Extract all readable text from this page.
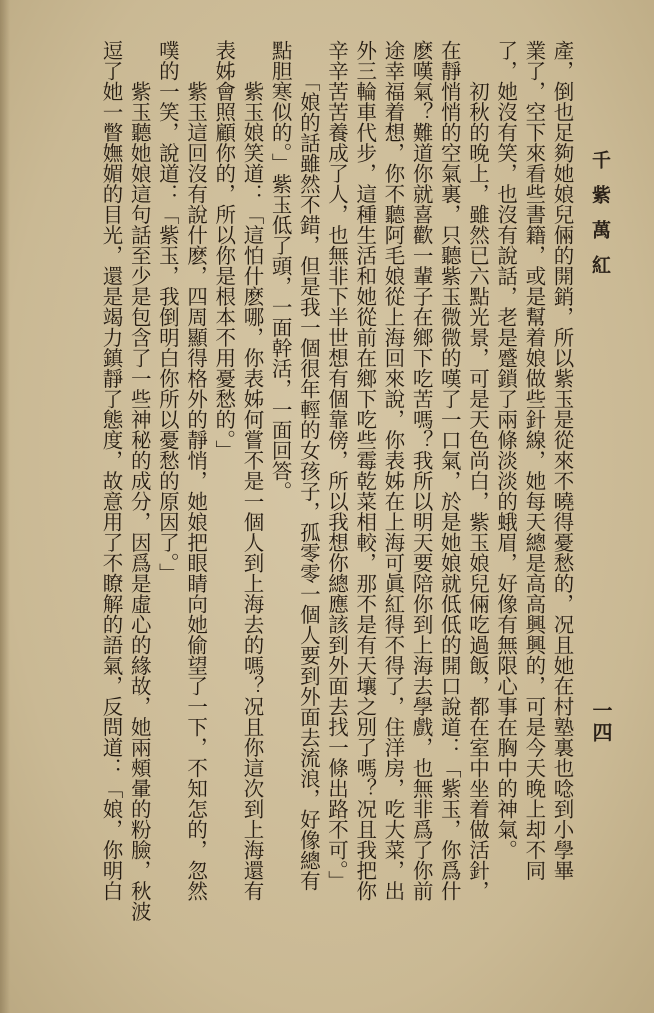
千紫萬紅
一四
產，倒也足夠她娘兒倆的開銷，所以紫玉是從來不曉得憂愁的，况且她在村塾裏也唸到小學畢
業了，空下來看些書籍，或是幫着娘做些針線，她每天總是高高興興的，可是今天晚上却不同
了，她沒有笑，也沒有說話，老是蹙鎖了兩條淡淡的蛾眉，好像有無限心事在胸中的神氣。
　　初秋的晚上，雖然已六點光景，可是天色尚白，紫玉娘兒倆吃過飯，都在室中坐着做活針，
在靜悄悄的空氣裏，只聽紫玉微微的嘆了一口氣，於是她娘就低低的開口說道：「紫玉，你爲什
麽嘆氣？難道你就喜歡一輩子在鄉下吃苦嗎？我所以明天要陪你到上海去學戲，也無非爲了你前
途幸福着想，你不聽阿毛娘從上海回來說，你表姊在上海可眞紅得不得了，住洋房，吃大菜，出
外三輪車代步，這種生活和她從前在鄉下吃些霉乾菜相較，那不是有天壤之別了嗎？况且我把你
辛辛苦苦養成了人，也無非下半世想有個靠傍，所以我想你總應該到外面去找一條出路不可。」
　　「娘的話雖然不錯，但是我一個很年輕的女孩子，孤零零一個人要到外面去流浪，好像總有
點胆寒似的。」紫玉低了頭，一面幹活，一面回答。
　　紫玉娘笑道：「這怕什麽哪，你表姊何嘗不是一個人到上海去的嗎？况且你這次到上海還有
表姊會照顧你的，所以你是根本不用憂愁的。」
　　紫玉這回沒有說什麽，四周顯得格外的靜悄，她娘把眼睛向她偷望了一下，不知怎的，忽然
噗的一笑，說道：「紫玉，我倒明白你所以憂愁的原因了。」
　　紫玉聽她娘這句話至少是包含了一些神秘的成分，因爲是虛心的緣故，她兩頰暈的粉臉，秋波
逗了她一瞥嫵媚的目光，還是竭力鎮靜了態度，故意用了不瞭解的語氣，反問道：「娘，你明白
